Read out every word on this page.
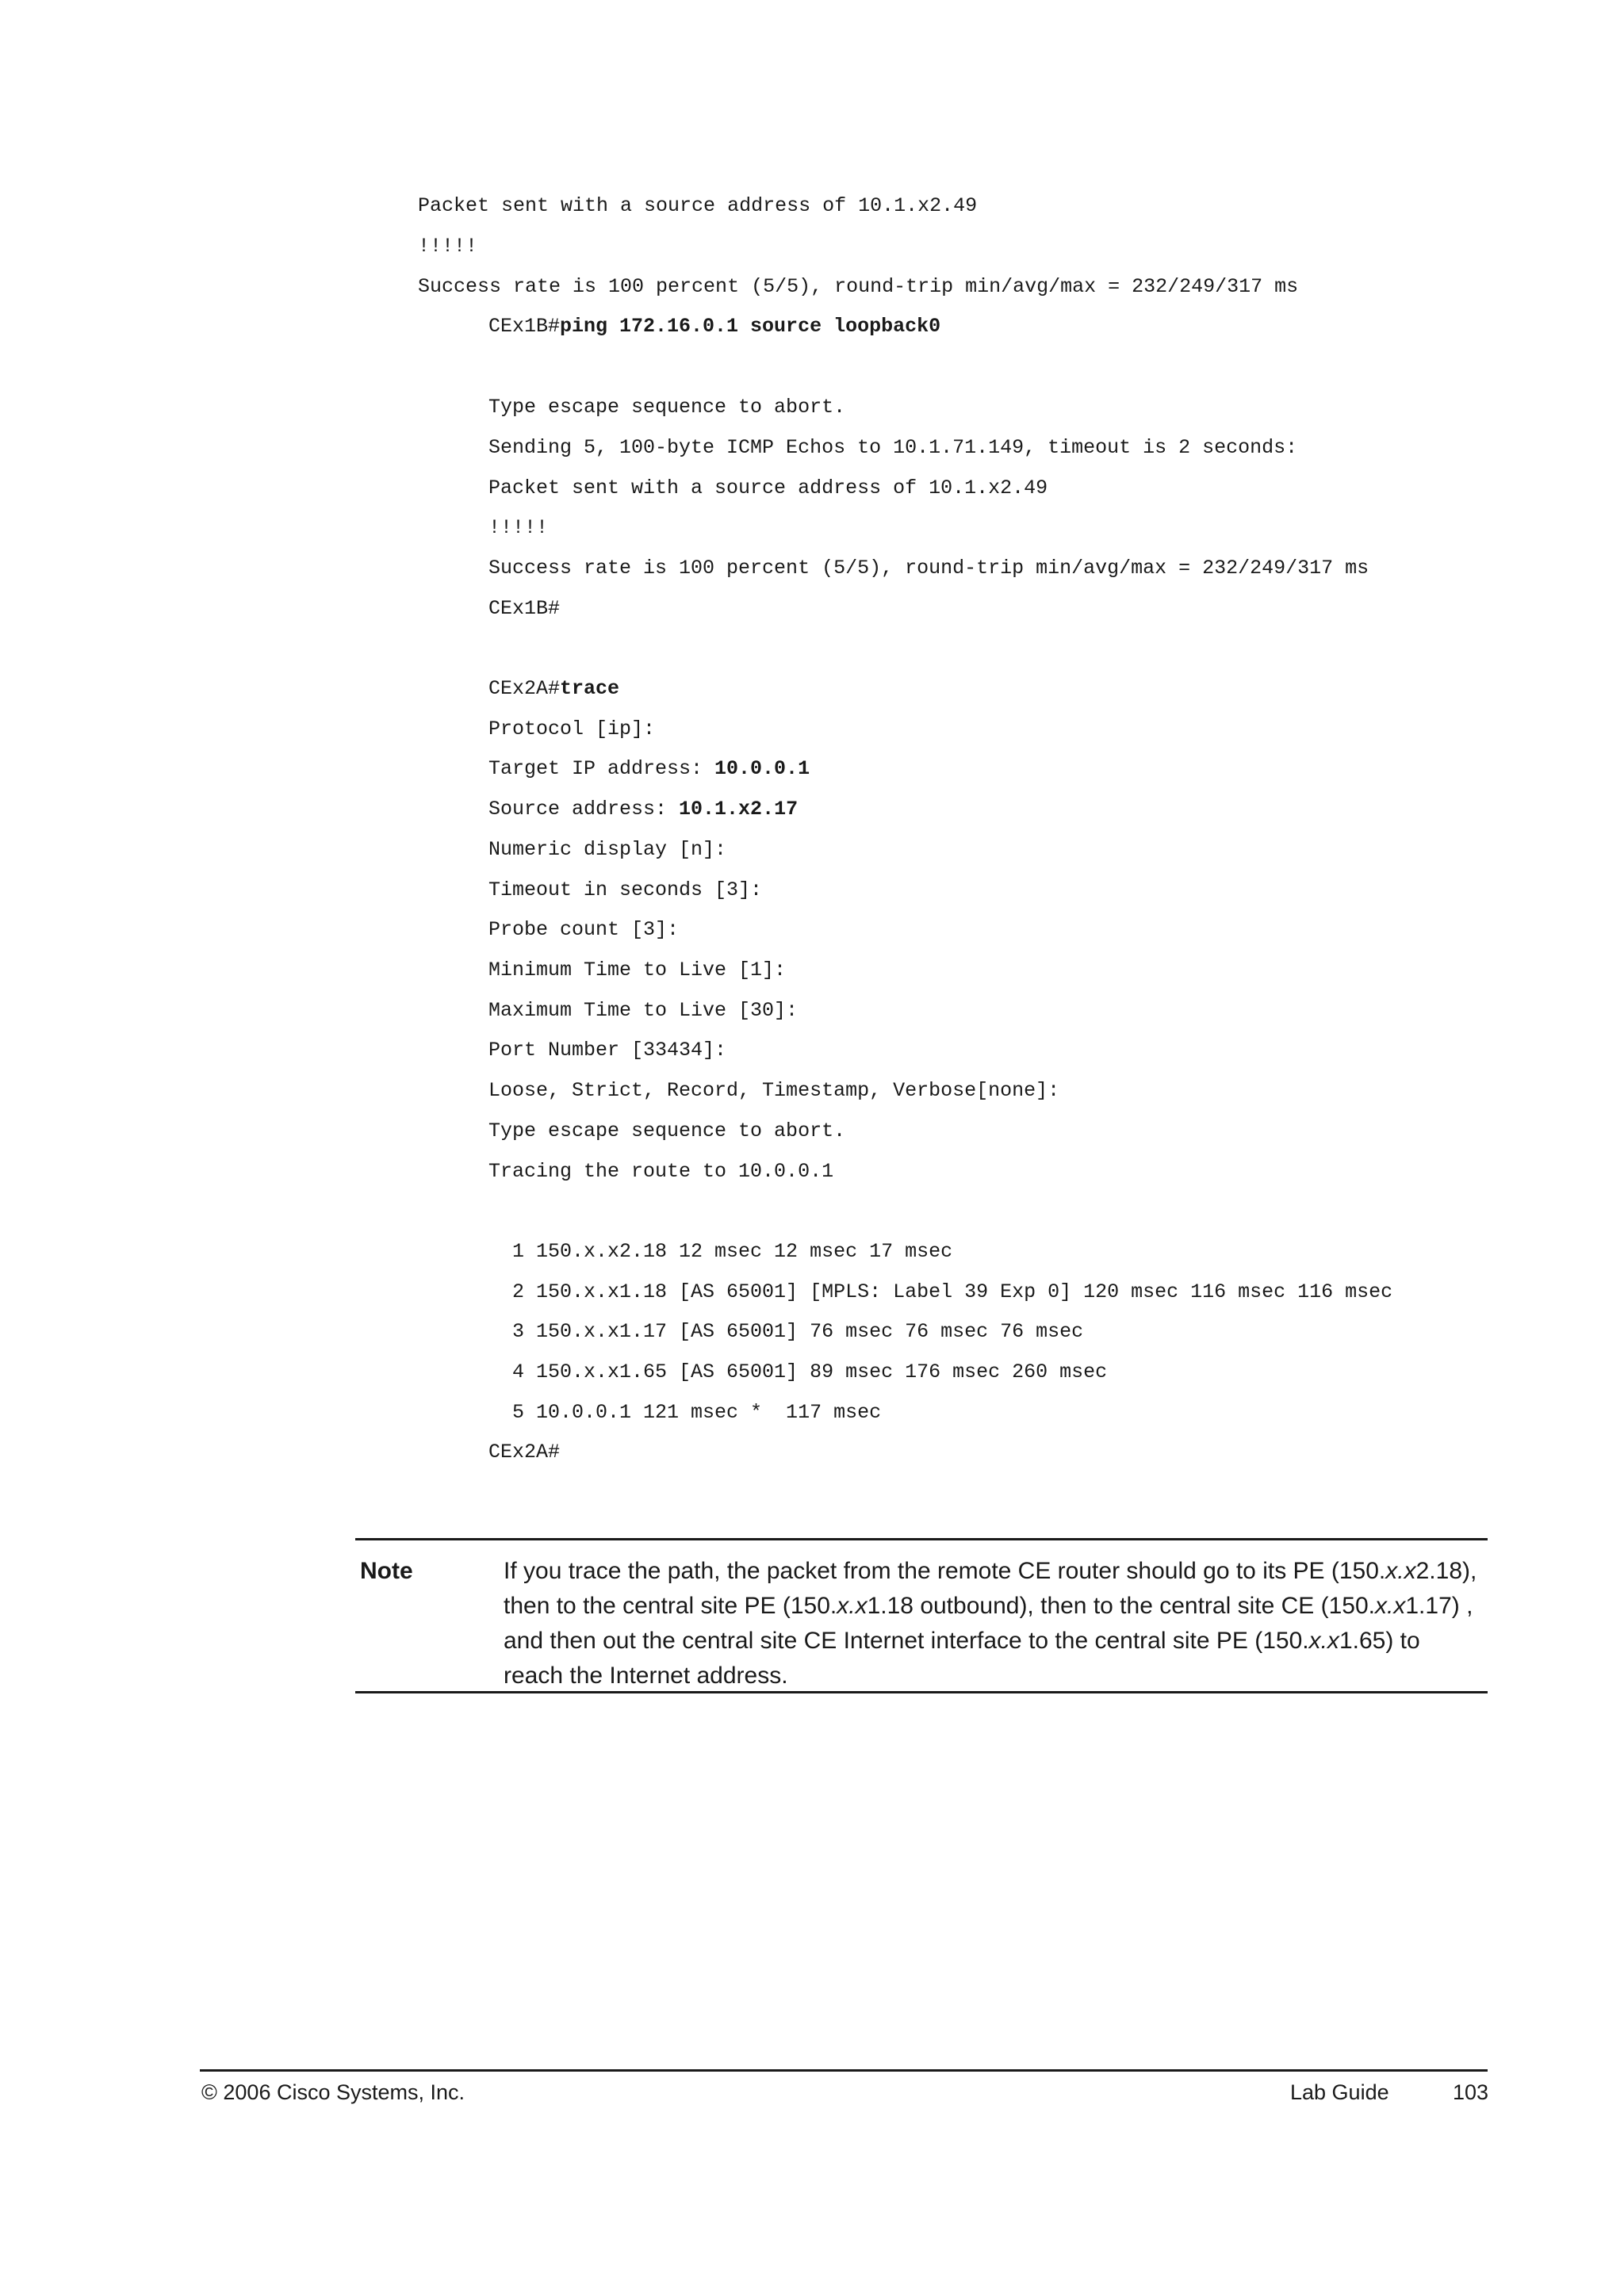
Packet sent with a source address of 10.1.x2.49
!!!!!
Success rate is 100 percent (5/5), round-trip min/avg/max = 232/249/317 ms
CEx1B#ping 172.16.0.1 source loopback0
Type escape sequence to abort.
Sending 5, 100-byte ICMP Echos to 10.1.71.149, timeout is 2 seconds:
Packet sent with a source address of 10.1.x2.49
!!!!!
Success rate is 100 percent (5/5), round-trip min/avg/max = 232/249/317 ms
CEx1B#
CEx2A#trace
Protocol [ip]:
Target IP address: 10.0.0.1
Source address: 10.1.x2.17
Numeric display [n]:
Timeout in seconds [3]:
Probe count [3]:
Minimum Time to Live [1]:
Maximum Time to Live [30]:
Port Number [33434]:
Loose, Strict, Record, Timestamp, Verbose[none]:
Type escape sequence to abort.
Tracing the route to 10.0.0.1
1 150.x.x2.18 12 msec 12 msec 17 msec
2 150.x.x1.18 [AS 65001] [MPLS: Label 39 Exp 0] 120 msec 116 msec 116 msec
3 150.x.x1.17 [AS 65001] 76 msec 76 msec 76 msec
4 150.x.x1.65 [AS 65001] 89 msec 176 msec 260 msec
5 10.0.0.1 121 msec *  117 msec
CEx2A#
Note	If you trace the path, the packet from the remote CE router should go to its PE (150.x.x2.18),
then to the central site PE (150.x.x1.18 outbound), then to the central site CE (150.x.x1.17) ,
and then out the central site CE Internet interface to the central site PE (150.x.x1.65) to
reach the Internet address.
© 2006 Cisco Systems, Inc.	Lab Guide	103
